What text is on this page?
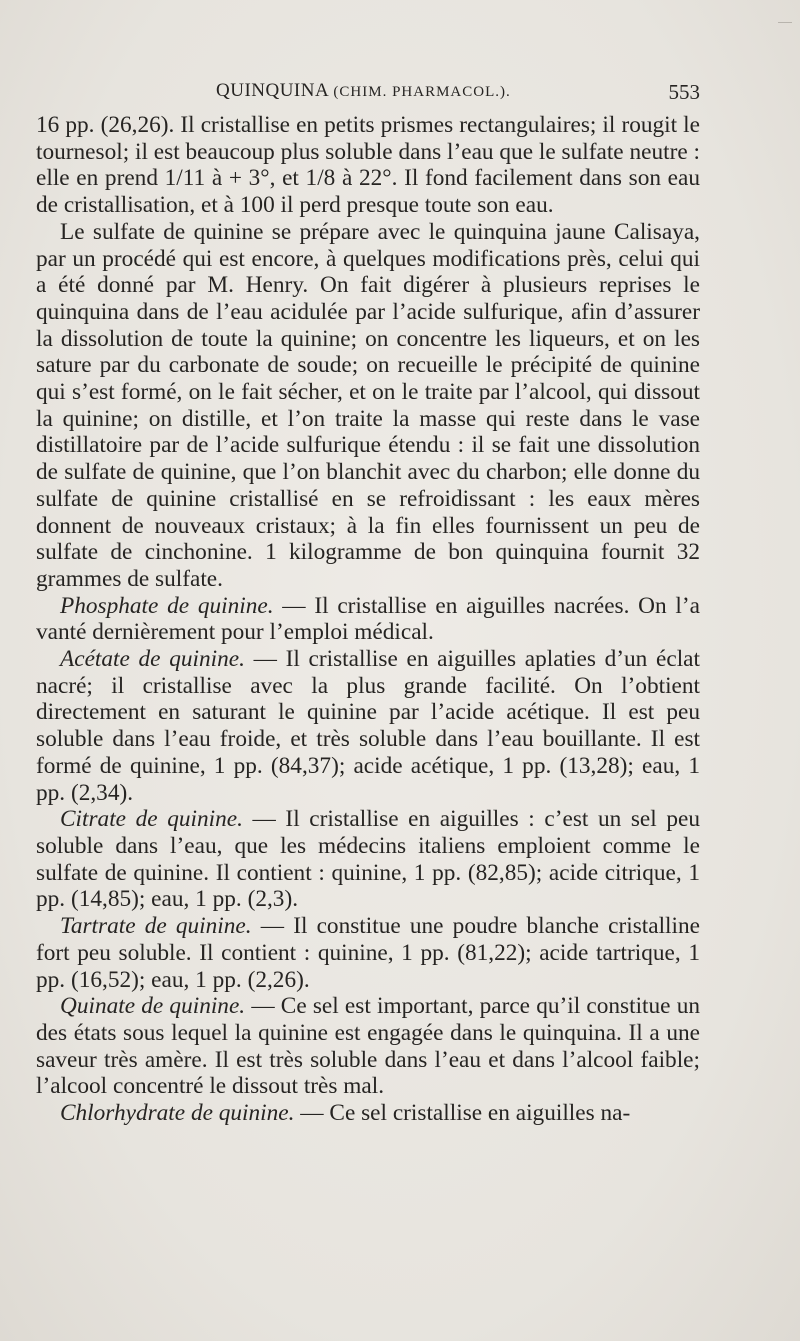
QUINQUINA (CHIM. PHARMACOL.).	553

16 pp. (26,26). Il cristallise en petits prismes rectangulaires; il rougit le tournesol; il est beaucoup plus soluble dans l’eau que le sulfate neutre : elle en prend 1/11 à + 3°, et 1/8 à 22°. Il fond facilement dans son eau de cristallisation, et à 100 il perd presque toute son eau.

Le sulfate de quinine se prépare avec le quinquina jaune Calisaya, par un procédé qui est encore, à quelques modifications près, celui qui a été donné par M. Henry. On fait digérer à plusieurs reprises le quinquina dans de l’eau acidulée par l’acide sulfurique, afin d’assurer la dissolution de toute la quinine; on concentre les liqueurs, et on les sature par du carbonate de soude; on recueille le précipité de quinine qui s’est formé, on le fait sécher, et on le traite par l’alcool, qui dissout la quinine; on distille, et l’on traite la masse qui reste dans le vase distillatoire par de l’acide sulfurique étendu : il se fait une dissolution de sulfate de quinine, que l’on blanchit avec du charbon; elle donne du sulfate de quinine cristallisé en se refroidissant : les eaux mères donnent de nouveaux cristaux; à la fin elles fournissent un peu de sulfate de cinchonine. 1 kilogramme de bon quinquina fournit 32 grammes de sulfate.

Phosphate de quinine. — Il cristallise en aiguilles nacrées. On l’a vanté dernièrement pour l’emploi médical.

Acétate de quinine. — Il cristallise en aiguilles aplaties d’un éclat nacré; il cristallise avec la plus grande facilité. On l’obtient directement en saturant le quinine par l’acide acétique. Il est peu soluble dans l’eau froide, et très soluble dans l’eau bouillante. Il est formé de quinine, 1 pp. (84,37); acide acétique, 1 pp. (13,28); eau, 1 pp. (2,34).

Citrate de quinine. — Il cristallise en aiguilles : c’est un sel peu soluble dans l’eau, que les médecins italiens emploient comme le sulfate de quinine. Il contient : quinine, 1 pp. (82,85); acide citrique, 1 pp. (14,85); eau, 1 pp. (2,3).

Tartrate de quinine. — Il constitue une poudre blanche cristalline fort peu soluble. Il contient : quinine, 1 pp. (81,22); acide tartrique, 1 pp. (16,52); eau, 1 pp. (2,26).

Quinate de quinine. — Ce sel est important, parce qu’il constitue un des états sous lequel la quinine est engagée dans le quinquina. Il a une saveur très amère. Il est très soluble dans l’eau et dans l’alcool faible; l’alcool concentré le dissout très mal.

Chlorhydrate de quinine. — Ce sel cristallise en aiguilles na-
